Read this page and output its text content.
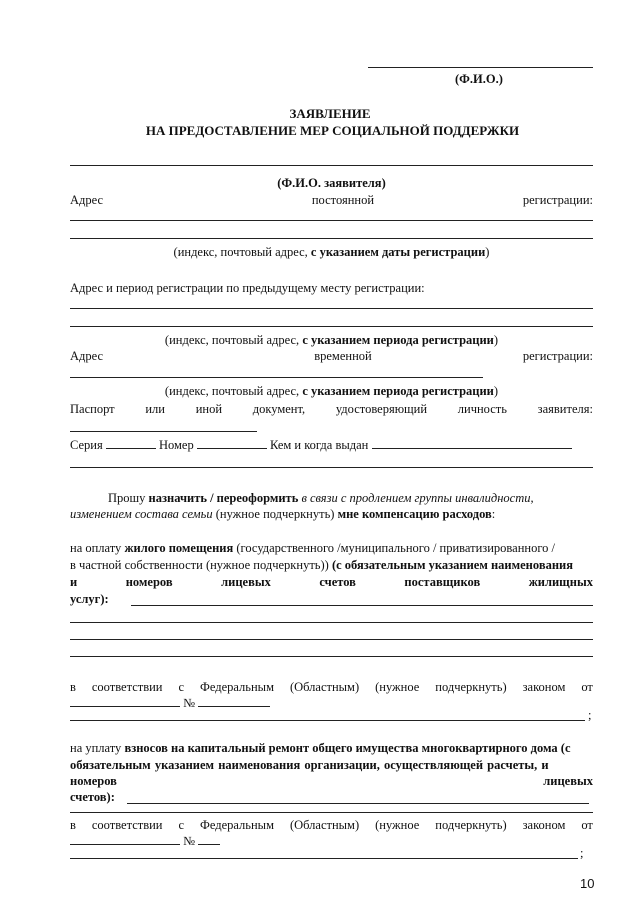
(Ф.И.О.)
ЗАЯВЛЕНИЕ
НА ПРЕДОСТАВЛЕНИЕ МЕР СОЦИАЛЬНОЙ ПОДДЕРЖКИ
(Ф.И.О. заявителя)
Адрес	постоянной	регистрации:
(индекс, почтовый адрес, с указанием даты регистрации)
Адрес и период регистрации по предыдущему месту регистрации:
(индекс, почтовый адрес, с указанием периода регистрации)
Адрес	временной	регистрации:
(индекс, почтовый адрес, с указанием периода регистрации)
Паспорт или иной документ, удостоверяющий личность заявителя:
Серия	Номер	Кем и когда выдан
Прошу назначить / переоформить в связи с продлением группы инвалидности,
изменением состава семьи (нужное подчеркнуть) мне компенсацию расходов:
на оплату жилого помещения (государственного /муниципального / приватизированного /
в частной собственности (нужное подчеркнуть)) (с обязательным указанием наименования
и	номеров	лицевых	счетов	поставщиков	жилищных
услуг):
в соответствии с Федеральным (Областным) (нужное подчеркнуть) законом от
№
;
на уплату взносов на капитальный ремонт общего имущества многоквартирного дома (с
обязательным указанием наименования организации, осуществляющей расчеты, и
номеров	лицевых
счетов):
в соответствии с Федеральным (Областным) (нужное подчеркнуть) законом от
№
;
10
